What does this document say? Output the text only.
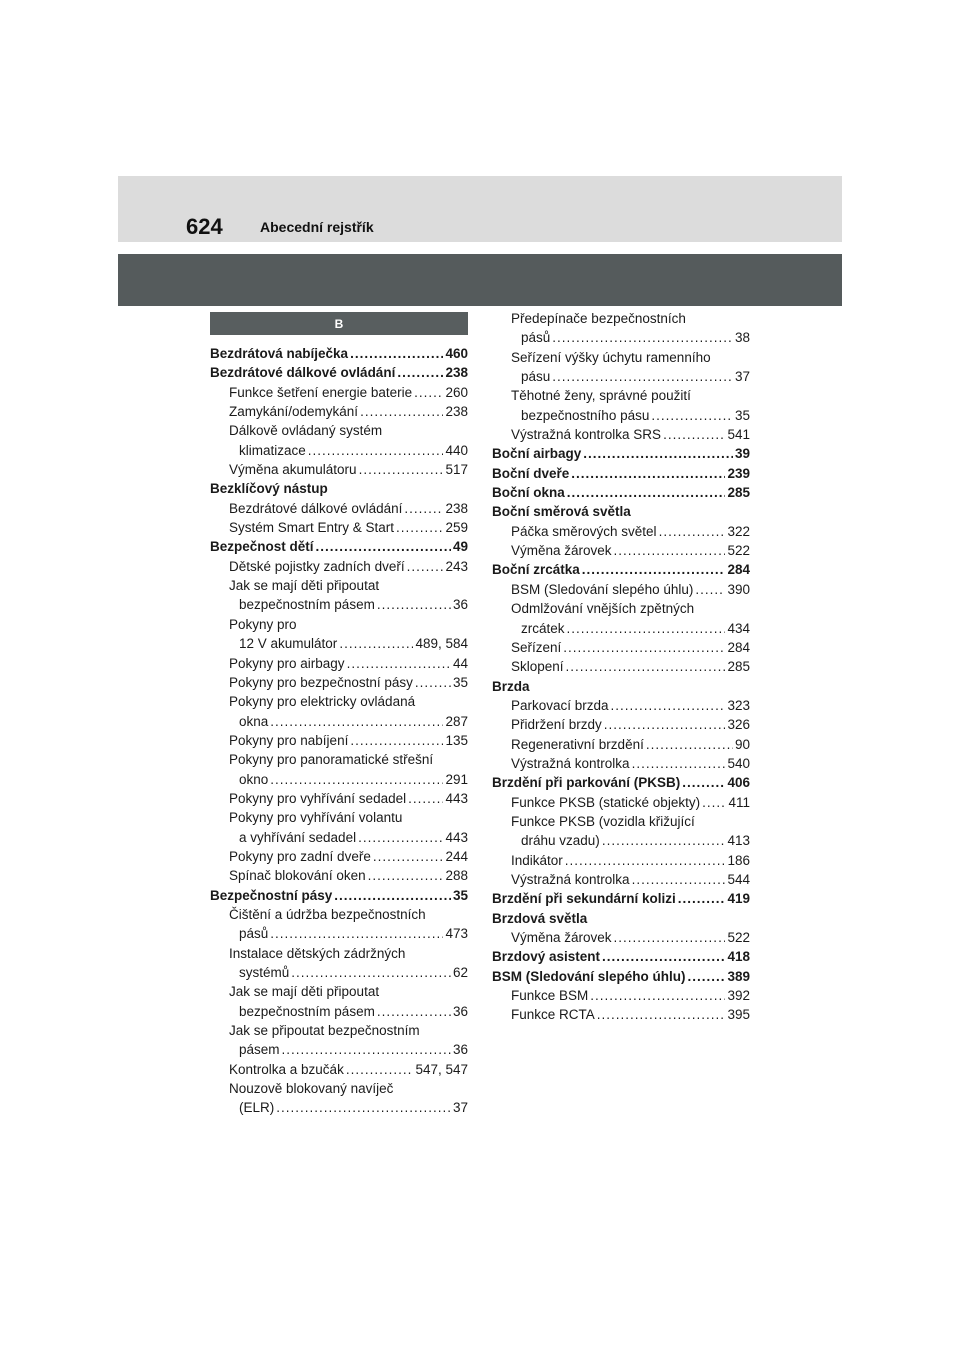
624	Abecední rejstřík
B
Bezdrátová nabíječka .....	460
Bezdrátové dálkové ovládání .....	238
Funkce šetření energie baterie ..... 260
Zamykání/odemykání .....	238
Dálkově ovládaný systém
klimatizace .....	440
Výměna akumulátoru .....	517
Bezklíčový nástup
Bezdrátové dálkové ovládání .....	238
Systém Smart Entry & Start .....	259
Bezpečnost dětí .....	49
Dětské pojistky zadních dveří .....	243
Jak se mají děti připoutat
bezpečnostním pásem .....	36
Pokyny pro
12 V akumulátor .....	489, 584
Pokyny pro airbagy .....	44
Pokyny pro bezpečnostní pásy .....	35
Pokyny pro elektricky ovládaná
okna .....	287
Pokyny pro nabíjení .....	135
Pokyny pro panoramatické střešní
okno .....	291
Pokyny pro vyhřívání sedadel .....	443
Pokyny pro vyhřívání volantu
a vyhřívání sedadel .....	443
Pokyny pro zadní dveře .....	244
Spínač blokování oken .....	288
Bezpečnostní pásy .....	35
Čištění a údržba bezpečnostních
pásů .....	473
Instalace dětských zádržných
systémů .....	62
Jak se mají děti připoutat
bezpečnostním pásem .....	36
Jak se připoutat bezpečnostním
pásem .....	36
Kontrolka a bzučák .....	547, 547
Nouzově blokovaný navíječ
(ELR) .....	37
Předepínače bezpečnostních
pásů .....	38
Seřízení výšky úchytu ramenního
pásu .....	37
Těhotné ženy, správné použití
bezpečnostního pásu .....	35
Výstražná kontrolka SRS .....	541
Boční airbagy .....	39
Boční dveře .....	239
Boční okna .....	285
Boční směrová světla
Páčka směrových světel .....	322
Výměna žárovek .....	522
Boční zrcátka .....	284
BSM (Sledování slepého úhlu) .....	390
Odmlžování vnějších zpětných
zrcátek .....	434
Seřízení .....	284
Sklopení .....	285
Brzda
Parkovací brzda .....	323
Přidržení brzdy .....	326
Regenerativní brzdění .....	90
Výstražná kontrolka .....	540
Brzdění při parkování (PKSB) .....	406
Funkce PKSB (statické objekty) ..... 411
Funkce PKSB (vozidla křižující
dráhu vzadu) .....	413
Indikátor .....	186
Výstražná kontrolka .....	544
Brzdění při sekundární kolizi .....	419
Brzdová světla
Výměna žárovek .....	522
Brzdový asistent .....	418
BSM (Sledování slepého úhlu) .....	389
Funkce BSM .....	392
Funkce RCTA .....	395
